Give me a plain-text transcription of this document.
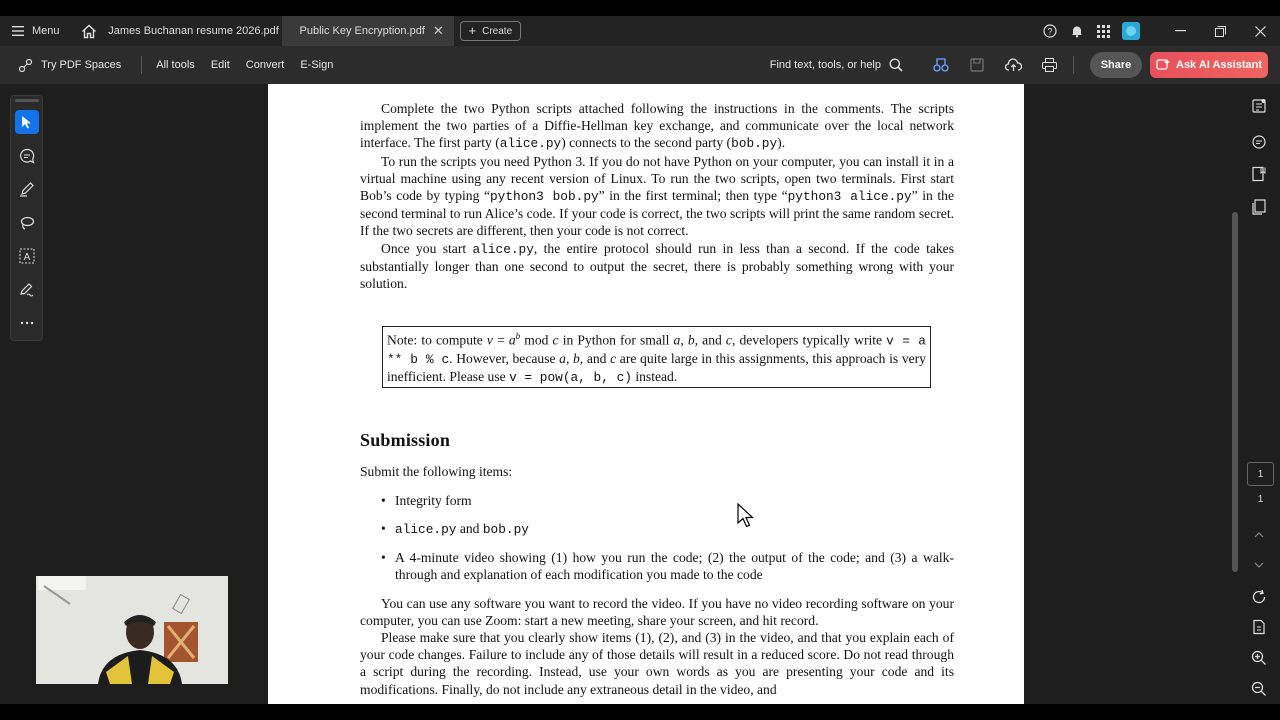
Menu	James Buchanan resume 2026.pdf Public Key Encryption.pdf ✕ + Create	?
Try PDF Spaces	All tools	Edit	Convert	E-Sign	Find text, tools, or help	Share	Ask AI Assistant
A

Complete the two Python scripts attached following the instructions in the comments. The scripts implement the two parties of a Diffie-Hellman key exchange, and communicate over the local network interface. The first party (alice.py) connects to the second party (bob.py).

To run the scripts you need Python 3. If you do not have Python on your computer, you can install it in a virtual machine using any recent version of Linux. To run the two scripts, open two terminals. First start Bob’s code by typing “python3 bob.py” in the first terminal; then type “python3 alice.py” in the second terminal to run Alice’s code. If your code is correct, the two scripts will print the same random secret. If the two secrets are different, then your code is not correct.

Once you start alice.py, the entire protocol should run in less than a second. If the code takes substantially longer than one second to output the secret, there is probably something wrong with your solution.

Note: to compute $v = a^b$ mod c in Python for small a, b, and c, developers typically write v = a ** b % c. However, because a, b, and c are quite large in this assignments, this approach is very inefficient. Please use v = pow(a, b, c) instead.

Submission

Submit the following items:

• Integrity form
• alice.py and bob.py
• A 4-minute video showing (1) how you run the code; (2) the output of the code; and (3) a walk-through and explanation of each modification you made to the code

You can use any software you want to record the video. If you have no video recording software on your computer, you can use Zoom: start a new meeting, share your screen, and hit record.

Please make sure that you clearly show items (1), (2), and (3) in the video, and that you explain each of your code changes. Failure to include any of those details will result in a reduced score. Do not read through a script during the recording. Instead, use your own words as you are presenting your code and its modifications. Finally, do not include any extraneous detail in the video, and

1
1
